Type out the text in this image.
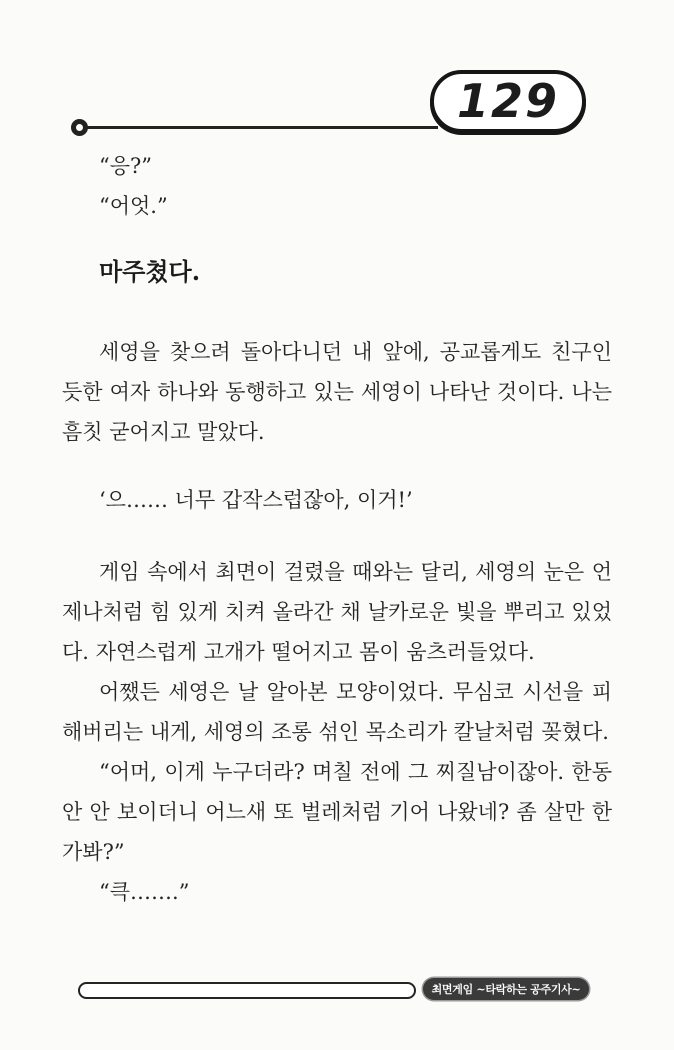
129

“응?”

“어엇.”

마주쳤다.

세영을 찾으려 돌아다니던 내 앞에, 공교롭게도 친구인 듯한 여자 하나와 동행하고 있는 세영이 나타난 것이다. 나는 흠칫 굳어지고 말았다.

‘으…… 너무 갑작스럽잖아, 이거!’

게임 속에서 최면이 걸렸을 때와는 달리, 세영의 눈은 언제나처럼 힘 있게 치켜 올라간 채 날카로운 빛을 뿌리고 있었다. 자연스럽게 고개가 떨어지고 몸이 움츠러들었다.

어쨌든 세영은 날 알아본 모양이었다. 무심코 시선을 피해버리는 내게, 세영의 조롱 섞인 목소리가 칼날처럼 꽂혔다.

“어머, 이게 누구더라? 며칠 전에 그 찌질남이잖아. 한동안 안 보이더니 어느새 또 벌레처럼 기어 나왔네? 좀 살만 한가봐?”

“큭…….”

최면게임 ~타락하는 공주기사~
